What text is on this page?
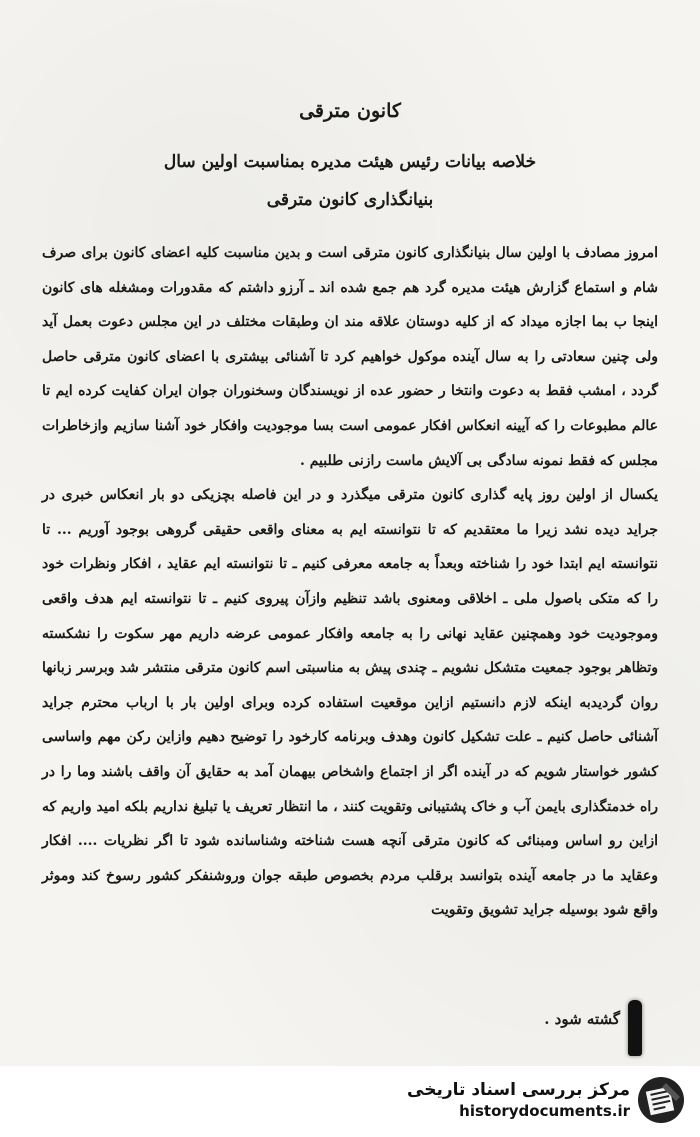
کانون مترقی
خلاصه بیانات رئیس هیئت مدیره بمناسبت اولین سال
بنیانگذاری کانون مترقی

امروز مصادف با اولین سال بنیانگذاری کانون مترقی است و بدین مناسبت کلیه اعضای کانون برای صرف شام و استماع گزارش هیئت مدیره گرد هم جمع شده اند ـ آرزو داشتم که مقدورات ومشغله های کانون اینجا ب بما اجازه میداد که از کلیه دوستان علاقه مند ان وطبقات مختلف در این مجلس دعوت بعمل آید ولی چنین سعادتی را به سال آینده موکول خواهیم کرد تا آشنائی بیشتری با اعضای کانون مترقی حاصل گردد ، امشب فقط به دعوت وانتخا ر حضور عده از نویسندگان وسخنوران جوان ایران کفایت کرده ایم تا عالم مطبوعات را که آیینه انعکاس افکار عمومی است بسا موجودیت وافکار خود آشنا سازیم وازخاطرات مجلس که فقط نمونه سادگی بی آلایش ماست رازنی طلبیم .

یکسال از اولین روز پایه گذاری کانون مترقی میگذرد و در این فاصله بچزیکی دو بار انعکاس خبری در جراید دیده نشد زیرا ما معتقدیم که تا نتوانسته ایم به معنای واقعی حقیقی گروهی بوجود آوریم ... تا نتوانسته ایم ابتدا خود را شناخته وبعداً به جامعه معرفی کنیم ـ تا نتوانسته ایم عقاید ، افکار ونظرات خود را که متکی باصول ملی ـ اخلاقی ومعنوی باشد تنظیم وازآن پیروی کنیم ـ تا نتوانسته ایم هدف واقعی وموجودیت خود وهمچنین عقاید نهانی را به جامعه وافکار عمومی عرضه داریم مهر سکوت را نشکسته وتظاهر بوجود جمعیت متشکل نشویم ـ چندی پیش به مناسبتی اسم کانون مترقی منتشر شد وبرسر زبانها روان گردیدبه اینکه لازم دانستیم ازاین موقعیت استفاده کرده وبرای اولین بار با ارباب محترم جراید آشنائی حاصل کنیم ـ علت تشکیل کانون وهدف وبرنامه کارخود را توضیح دهیم وازاین رکن مهم واساسی کشور خواستار شویم که در آینده اگر از اجتماع واشخاص بیهمان آمد به حقایق آن واقف باشند وما را در راه خدمتگذاری بایمن آب و خاک پشتیبانی وتقویت کنند ، ما انتظار تعریف یا تبلیغ نداریم بلکه امید واریم که ازاین رو اساس ومبنائی که کانون مترقی آنچه هست شناخته وشناسانده شود تا اگر نظریات .... افکار وعقاید ما در جامعه آینده بتوانسد برقلب مردم بخصوص طبقه جوان وروشنفکر کشور رسوخ کند وموثر واقع شود بوسیله جراید تشویق وتقویت

گشته شود .
مرکز بررسی اسناد تاریخی
historydocuments.ir
